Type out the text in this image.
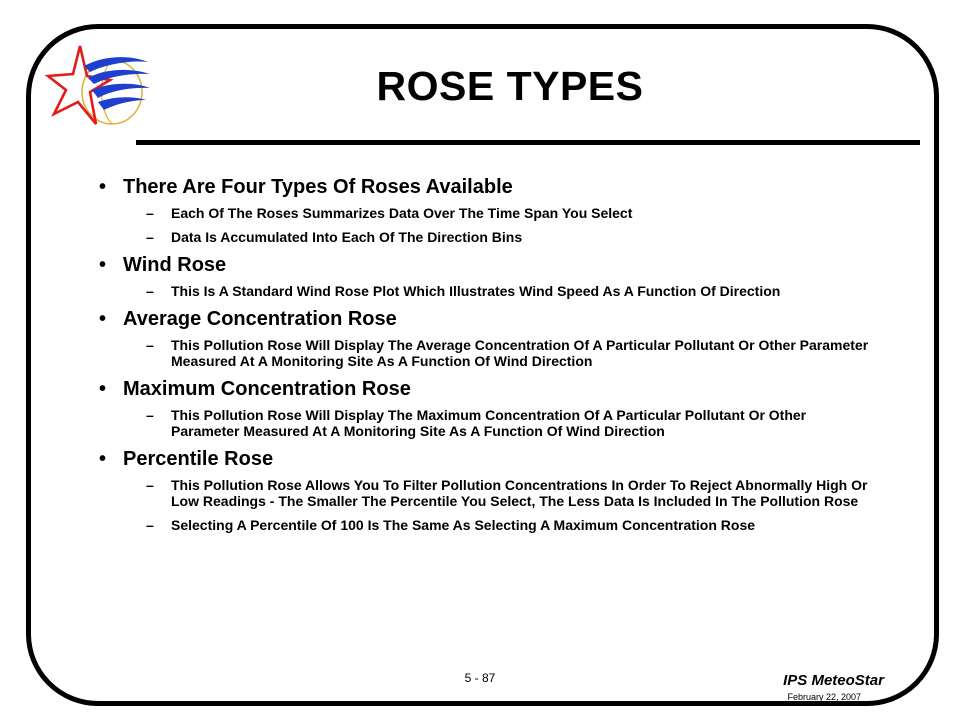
ROSE TYPES
• There Are Four Types Of Roses Available
– Each Of The Roses Summarizes Data Over The Time Span You Select
– Data Is Accumulated Into Each Of The Direction Bins
• Wind Rose
– This Is A Standard Wind Rose Plot Which Illustrates Wind Speed As A Function Of Direction
• Average Concentration Rose
– This Pollution Rose Will Display The Average Concentration Of A Particular Pollutant Or Other Parameter Measured At A Monitoring Site As A Function Of Wind Direction
• Maximum Concentration Rose
– This Pollution Rose Will Display The Maximum Concentration Of A Particular Pollutant Or Other Parameter Measured At A Monitoring Site As A Function Of Wind Direction
• Percentile Rose
– This Pollution Rose Allows You To Filter Pollution Concentrations In Order To Reject Abnormally High Or Low Readings - The Smaller The Percentile You Select, The Less Data Is Included In The Pollution Rose
– Selecting A Percentile Of 100 Is The Same As Selecting A Maximum Concentration Rose
5 - 87	IPS MeteoStar
February 22, 2007
